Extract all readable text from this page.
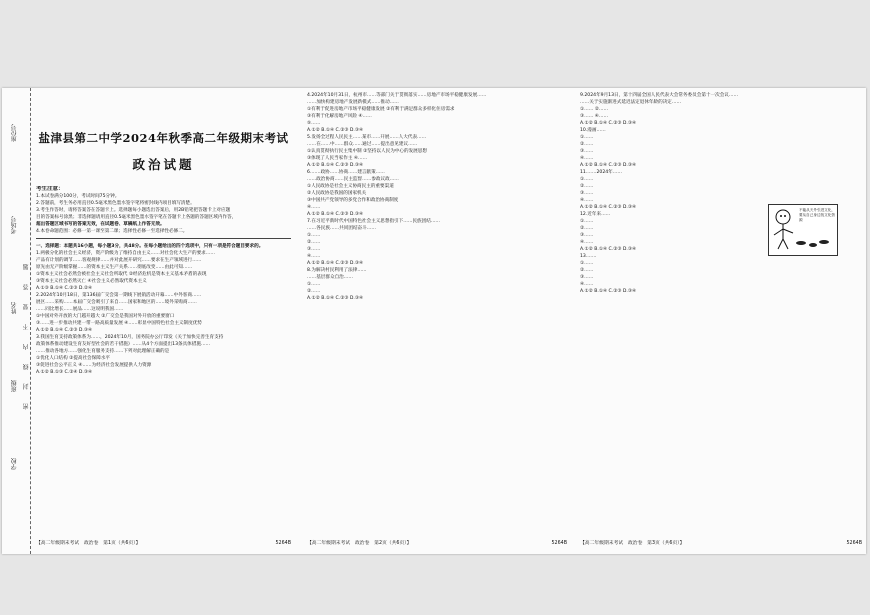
学校
班级
姓名
考场号
座位号
密 封 线 内 不 要 答 题

盐津县第二中学2024年秋季高二年级期末考试

政治试题

考生注意：

1.本试卷满分100分，考试时间75分钟。

2.答题前，考生务必用直径0.5毫米黑色墨水签字笔将密封线内项目填写清楚。

3.考生作答时，请将答案答在答题卡上。选择题每小题选出答案后，用2B铅笔把答题卡上对应题

目的答案标号涂黑；非选择题请用直径0.5毫米黑色墨水签字笔在答题卡上各题的答题区域内作答，

超出答题区域书写的答案无效，在试题卷、草稿纸上作答无效。

4.本卷命题范围：必修一第一课至第二课；选择性必修一至选择性必修二。

一、选择题：本题共16小题，每小题3分，共48分。在每小题给出的四个选项中，只有一项是符合题目要求的。

1.两极分化的社会主义经济，资产阶级为了维持自由主义……对社会化大生产的要求……

产品有计划的调节……客观规律……并对此展开研究……要求在生产领域进行……

原先由无产阶级掌握……的资本主义生产关系……彻底改变……由此可知……

①资本主义社会必然会被社会主义社会所取代 ②经济危机是资本主义基本矛盾的表现

③资本主义社会必然灭亡 ④社会主义必然取代资本主义

A.①③ B.①④ C.②③ D.②④

2.2024年10月18日，第136届广交会第一期线下展销活动开幕……中外客商……

展区……采购……本届广交会吸引了来自……国家和地区的……境外采购商……

……同比增长……展品……这说明我国……

①中国对外开放的大门越开越大 ②广交会是我国对外开放的重要窗口

③……进一步推动共建一带一路高质量发展 ④……彰显中国特色社会主义制度优势

A.①② B.①④ C.②③ D.③④

3.我国生育支持政策体系为……，2024年10月，国务院办公厅印发《关于加快完善生育支持

政策体系推动建设生育友好型社会的若干措施》……从4个方面提出13条具体措施……

……推动各地方……强化生育服务支持……下列对此理解正确的是

①优化人口结构 ②提高社会保障水平

③促进社会公平正义 ④……为经济社会发展提供人力资源

A.①② B.①③ C.②④ D.③④

【高二年级期末考试　政治卷　第1页（共6页）】	5264B

4.2024年10月31日，杭州市……等部门关于贯彻落实……房地产市场平稳健康发展……

……加快构建房地产发展新模式……推动……

①有利于促进房地产市场平稳健康发展 ②有利于满足群众多样化住房需求

③有利于化解房地产风险 ④……

⑤……

A.①② B.①④ C.②③ D.③④

5.发扬全过程人民民主……某市……开展……人大代表……

……在……中……群众……通过……提出意见建议……

①认真贯彻执行民主集中制 ②坚持以人民为中心的发展思想

③体现了人民当家作主 ④……

A.①② B.①④ C.②③ D.③④

6.……政协……协商……建言献策……

……政治协商……民主监督……参政议政……

①人民政协是社会主义协商民主的重要渠道

②人民政协是我国的国家机关

③中国共产党领导的多党合作和政治协商制度

④……

A.①② B.①④ C.②③ D.③④

7.在习近平新时代中国特色社会主义思想指引下……民族团结……

……各民族……共同团结奋斗……

①……

②……

③……

④……

A.①② B.①④ C.②③ D.③④

8.为解决村民利用了法律……

……基层群众自治……

①……

②……

A.①② B.①④ C.②③ D.③④

【高二年级期末考试　政治卷　第2页（共6页）】	5264B

9.2024年9月13日，第十四届全国人民代表大会常务委员会第十一次会议……

……关于实施渐进式延迟法定退休年龄的决定……

①…… ②……

③…… ④……

A.①② B.①④ C.②③ D.③④

10.漫画……

①……

②……

③……

④……

A.①② B.①④ C.②③ D.③④

11.……2024年……

①……

②……

③……

④……

A.①② B.①④ C.②③ D.③④

12.近年来……

①……

②……

③……

④……

A.①② B.①④ C.②③ D.③④

13.……

①……

②……

③……

④……

A.①② B.①④ C.②③ D.③④

不能从天外引进文化，要从自己身边找文化资源
【高二年级期末考试　政治卷　第3页（共6页）】	5264B
